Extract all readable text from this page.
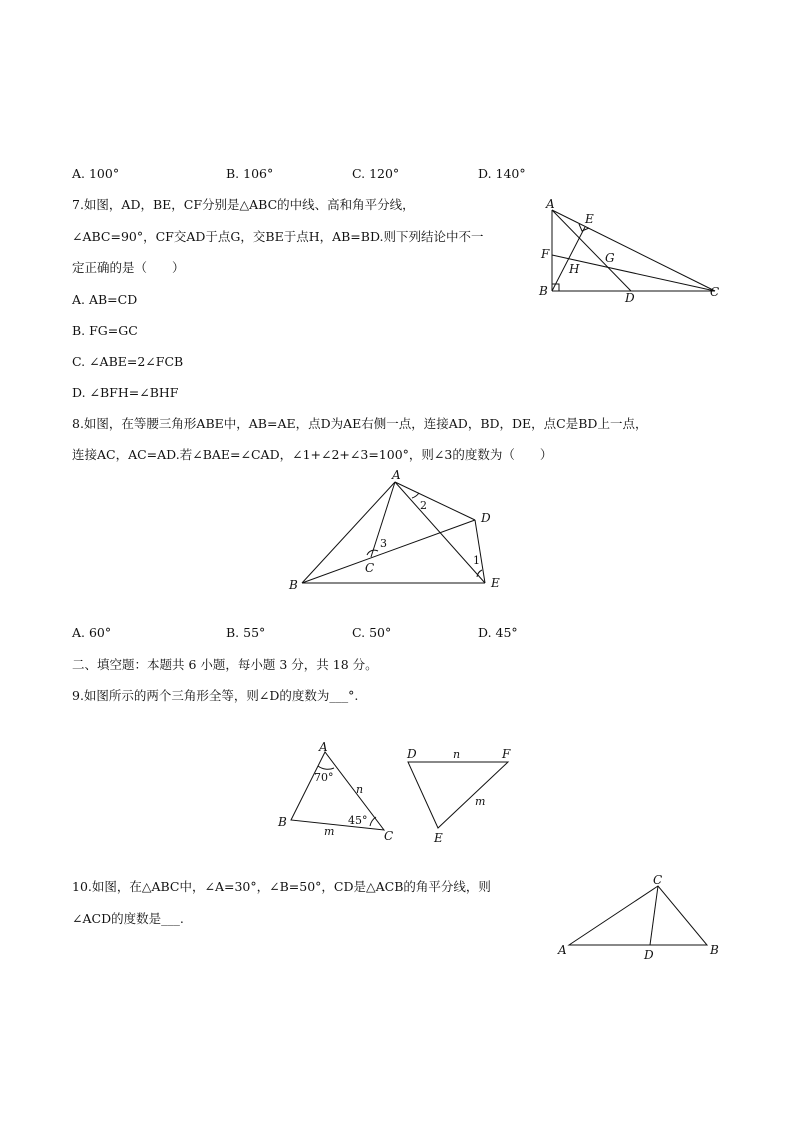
A. 100°	B. 106°	C. 120°	D. 140°
7.如图，AD，BE，CF分别是△ABC的中线、高和角平分线，
∠ABC=90°，CF交AD于点G，交BE于点H，AB=BD.则下列结论中不一
定正确的是（　　）
A. AB=CD
B. FG=GC
C. ∠ABE=2∠FCB
D. ∠BFH=∠BHF
A
E
F	G
H
B	D	C
8.如图，在等腰三角形ABE中，AB=AE，点D为AE右侧一点，连接AD，BD，DE，点C是BD上一点，
连接AC，AC=AD.若∠BAE=∠CAD，∠1+∠2+∠3=100°，则∠3的度数为（　　）
A
D
B
C
E
1
2
3
A. 60°	B. 55°	C. 50°	D. 45°
二、填空题：本题共 6 小题，每小题 3 分，共 18 分。
9.如图所示的两个三角形全等，则∠D的度数为___°.
A
B
C
D	F
E
n
m
n
m
70°
45°
10.如图，在△ABC中，∠A=30°，∠B=50°，CD是△ACB的角平分线，则
∠ACD的度数是___.
A
C
B
D
